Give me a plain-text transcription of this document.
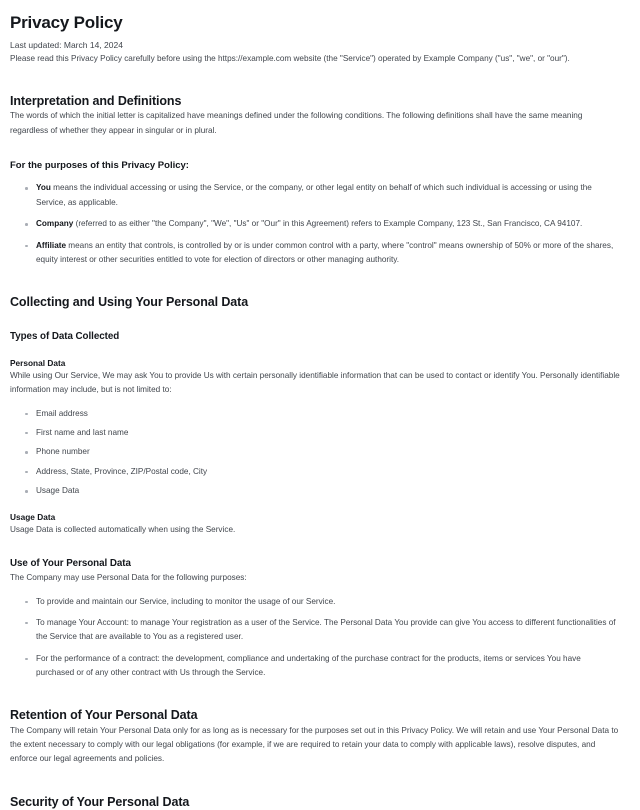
Privacy Policy
Last updated: March 14, 2024

Please read this Privacy Policy carefully before using the https://example.com website (the "Service") operated by Example Company ("us", "we", or "our").

Interpretation and Definitions

The words of which the initial letter is capitalized have meanings defined under the following conditions. The following definitions shall have the same meaning regardless of whether they appear in singular or in plural.

For the purposes of this Privacy Policy:
You means the individual accessing or using the Service, or the company, or other legal entity on behalf of which such individual is accessing or using the Service, as applicable.
Company (referred to as either "the Company", "We", "Us" or "Our" in this Agreement) refers to Example Company, 123 St., San Francisco, CA 94107.
Affiliate means an entity that controls, is controlled by or is under common control with a party, where "control" means ownership of 50% or more of the shares, equity interest or other securities entitled to vote for election of directors or other managing authority.
Collecting and Using Your Personal Data
Types of Data Collected
Personal Data

While using Our Service, We may ask You to provide Us with certain personally identifiable information that can be used to contact or identify You. Personally identifiable information may include, but is not limited to:

Email address
First name and last name
Phone number
Address, State, Province, ZIP/Postal code, City
Usage Data
Usage Data

Usage Data is collected automatically when using the Service.

Use of Your Personal Data

The Company may use Personal Data for the following purposes:

To provide and maintain our Service, including to monitor the usage of our Service.
To manage Your Account: to manage Your registration as a user of the Service. The Personal Data You provide can give You access to different functionalities of the Service that are available to You as a registered user.
For the performance of a contract: the development, compliance and undertaking of the purchase contract for the products, items or services You have purchased or of any other contract with Us through the Service.
Retention of Your Personal Data

The Company will retain Your Personal Data only for as long as is necessary for the purposes set out in this Privacy Policy. We will retain and use Your Personal Data to the extent necessary to comply with our legal obligations (for example, if we are required to retain your data to comply with applicable laws), resolve disputes, and enforce our legal agreements and policies.

Security of Your Personal Data
